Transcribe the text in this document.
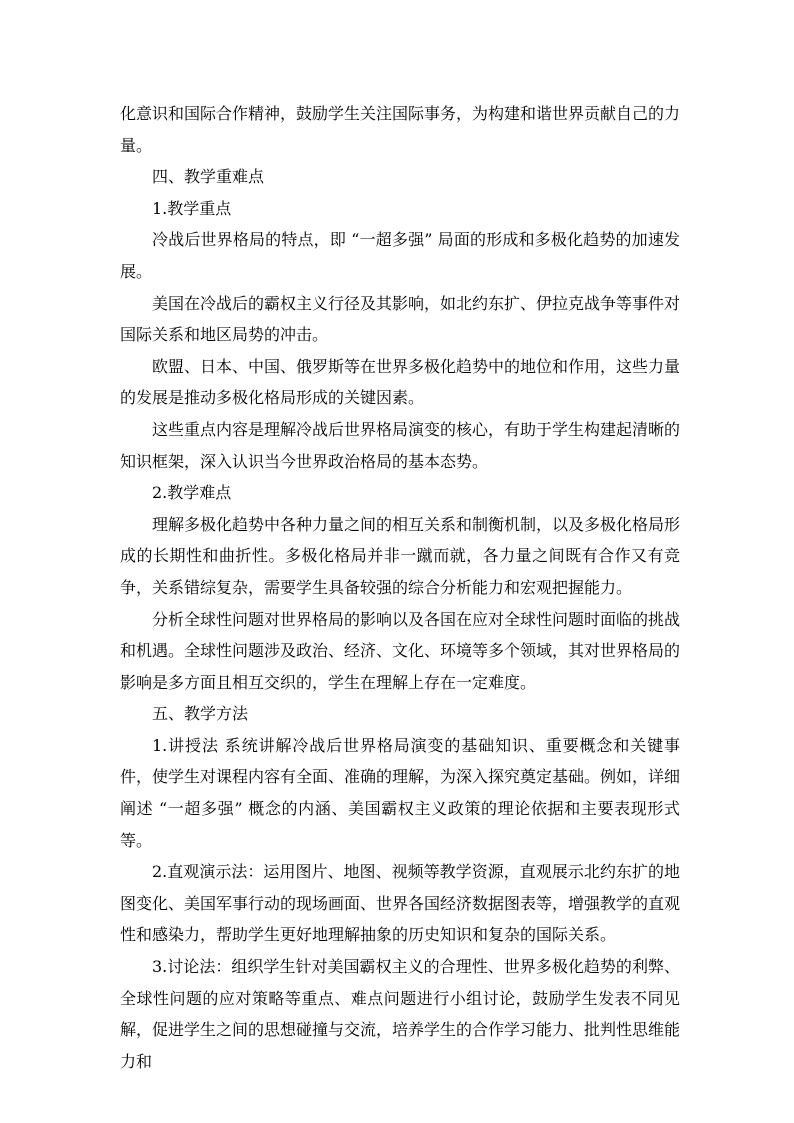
化意识和国际合作精神，鼓励学生关注国际事务，为构建和谐世界贡献自己的力量。

四、教学重难点

1.教学重点

冷战后世界格局的特点，即 “一超多强” 局面的形成和多极化趋势的加速发展。

美国在冷战后的霸权主义行径及其影响，如北约东扩、伊拉克战争等事件对国际关系和地区局势的冲击。

欧盟、日本、中国、俄罗斯等在世界多极化趋势中的地位和作用，这些力量的发展是推动多极化格局形成的关键因素。

这些重点内容是理解冷战后世界格局演变的核心，有助于学生构建起清晰的知识框架，深入认识当今世界政治格局的基本态势。

2.教学难点

理解多极化趋势中各种力量之间的相互关系和制衡机制，以及多极化格局形成的长期性和曲折性。多极化格局并非一蹴而就，各力量之间既有合作又有竞争，关系错综复杂，需要学生具备较强的综合分析能力和宏观把握能力。

分析全球性问题对世界格局的影响以及各国在应对全球性问题时面临的挑战和机遇。全球性问题涉及政治、经济、文化、环境等多个领域，其对世界格局的影响是多方面且相互交织的，学生在理解上存在一定难度。

五、教学方法

1.讲授法 系统讲解冷战后世界格局演变的基础知识、重要概念和关键事件，使学生对课程内容有全面、准确的理解，为深入探究奠定基础。例如，详细阐述 “一超多强” 概念的内涵、美国霸权主义政策的理论依据和主要表现形式等。

2.直观演示法：运用图片、地图、视频等教学资源，直观展示北约东扩的地图变化、美国军事行动的现场画面、世界各国经济数据图表等，增强教学的直观性和感染力，帮助学生更好地理解抽象的历史知识和复杂的国际关系。

3.讨论法：组织学生针对美国霸权主义的合理性、世界多极化趋势的利弊、全球性问题的应对策略等重点、难点问题进行小组讨论，鼓励学生发表不同见解，促进学生之间的思想碰撞与交流，培养学生的合作学习能力、批判性思维能力和
